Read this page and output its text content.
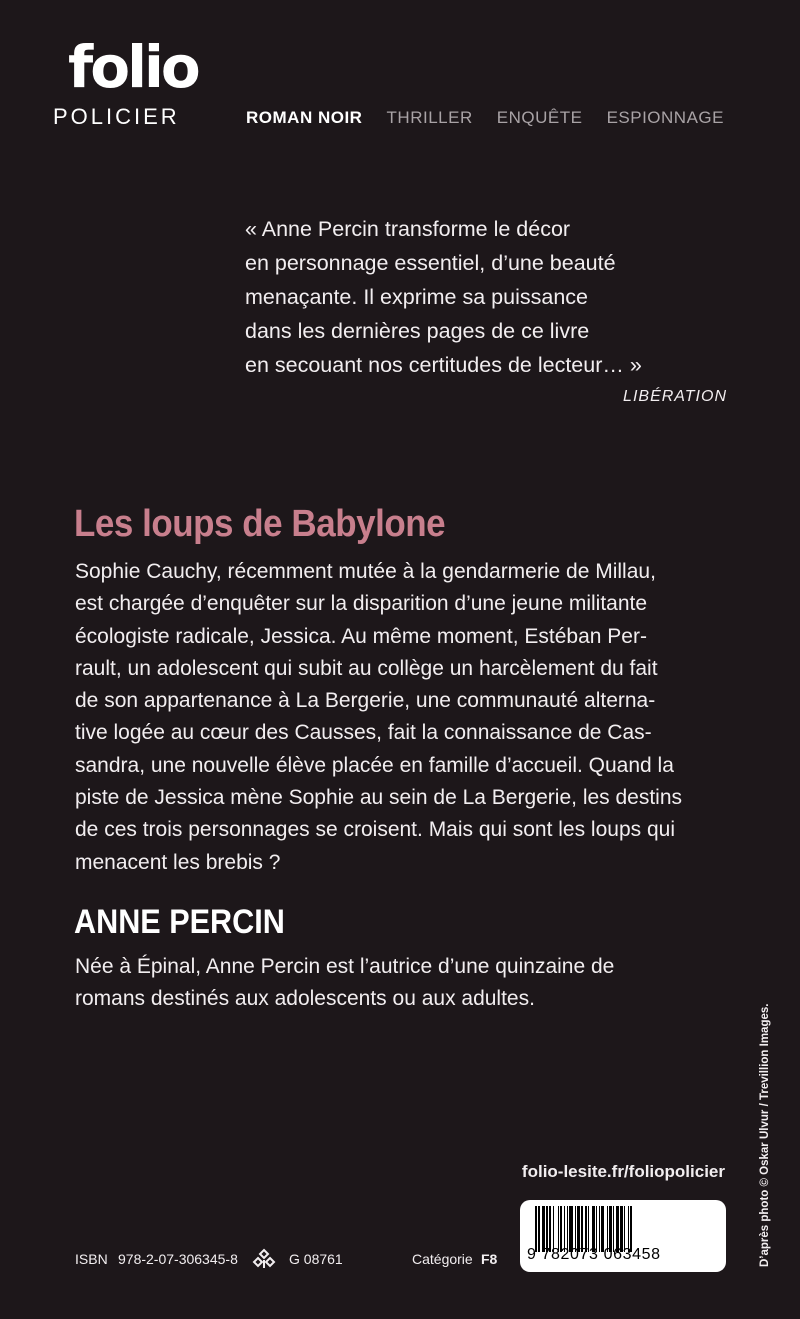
folio
POLICIER	ROMAN NOIR THRILLER ENQUÊTE ESPIONNAGE
« Anne Percin transforme le décor
en personnage essentiel, d’une beauté
menaçante. Il exprime sa puissance
dans les dernières pages de ce livre
en secouant nos certitudes de lecteur… »
LIBÉRATION
Les loups de Babylone
Sophie Cauchy, récemment mutée à la gendarmerie de Millau,
est chargée d’enquêter sur la disparition d’une jeune militante
écologiste radicale, Jessica. Au même moment, Estéban Per-
rault, un adolescent qui subit au collège un harcèlement du fait
de son appartenance à La Bergerie, une communauté alterna-
tive logée au cœur des Causses, fait la connaissance de Cas-
sandra, une nouvelle élève placée en famille d’accueil. Quand la
piste de Jessica mène Sophie au sein de La Bergerie, les destins
de ces trois personnages se croisent. Mais qui sont les loups qui
menacent les brebis ?
ANNE PERCIN
Née à Épinal, Anne Percin est l’autrice d’une quinzaine de
romans destinés aux adolescents ou aux adultes.
folio-lesite.fr/foliopolicier	D’après photo © Oskar Ulvur / Trevillion Images.
ISBN 978-2-07-306345-8	G 08761	Catégorie F8 9 782073 063458
